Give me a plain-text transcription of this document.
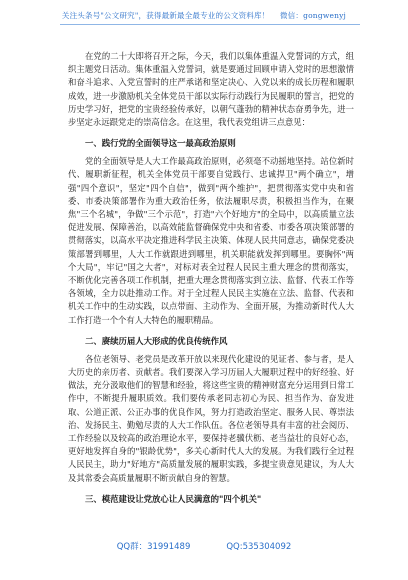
关注头条号"公文研究"，获得最新最全最专业的公文资料库！ 微信：gongwenyj

在党的二十大即将召开之际，今天，我们以集体重温入党誓词的方式，组织主题党日活动。集体重温入党誓词，就是要通过回顾申请入党时的思想激情和奋斗追求、入党宣誓时的庄严承诺和坚定决心、入党以来的成长历程和履职成效，进一步激励机关全体党员干部以实际行动践行为民履职的誓言，把党的历史学习好，把党的宝贵经验传承好，以朝气蓬勃的精神状态奋勇争先，进一步坚定永远跟党走的崇高信念。在这里，我代表党组讲三点意见：

一、践行党的全面领导这一最高政治原则

党的全面领导是人大工作最高政治原则，必须毫不动摇地坚持。站位新时代、履职新征程，机关全体党员干部要自觉践行、忠诚捍卫"两个确立"，增强"四个意识"，坚定"四个自信"，做到"两个维护"，把贯彻落实党中央和省委、市委决策部署作为重大政治任务，依法履职尽责，积极担当作为，在聚焦"三个名城"，争做"三个示范"，打造"六个好地方"的全局中，以高质量立法促进发展、保障善治，以高效能监督确保党中央和省委、市委各项决策部署的贯彻落实，以高水平决定推进科学民主决策、体现人民共同意志，确保党委决策部署到哪里，人大工作就跟进到哪里，机关职能就发挥到哪里。要胸怀"两个大局"，牢记"国之大者"，对标对表全过程人民民主重大理念的贯彻落实，不断优化完善各项工作机制，把重大理念贯彻落实到立法、监督、代表工作等各领域，全力以赴推动工作。对于全过程人民民主实施在立法、监督、代表和机关工作中的生动实践，以点带面、主动作为、全面开展，为推动新时代人大工作打造一个个有人大特色的履职精品。

二、赓续历届人大形成的优良传统作风

各位老领导、老党员是改革开放以来现代化建设的见证者、参与者，是人大历史的亲历者、贡献者。我们要深入学习历届人大履职过程中的好经验、好做法，充分汲取他们的智慧和经验，将这些宝贵的精神财富充分运用到日常工作中，不断提升履职质效。我们要传承老同志初心为民、担当作为、奋发进取、公道正派、公正办事的优良作风，努力打造政治坚定、服务人民、尊崇法治、发扬民主、勤勉尽责的人大工作队伍。各位老领导具有丰富的社会阅历、工作经验以及较高的政治理论水平，要保持老骥伏枥、老当益壮的良好心态，更好地发挥自身的"银龄优势"，多关心新时代人大的发展。为我们践行全过程人民民主，助力"好地方"高质量发展的履职实践，多提宝贵意见建议，为人大及其常委会高质量履职不断贡献自身的智慧。

三、模范建设让党放心让人民满意的"四个机关"
QQ群：31991489	QQ:535304092
